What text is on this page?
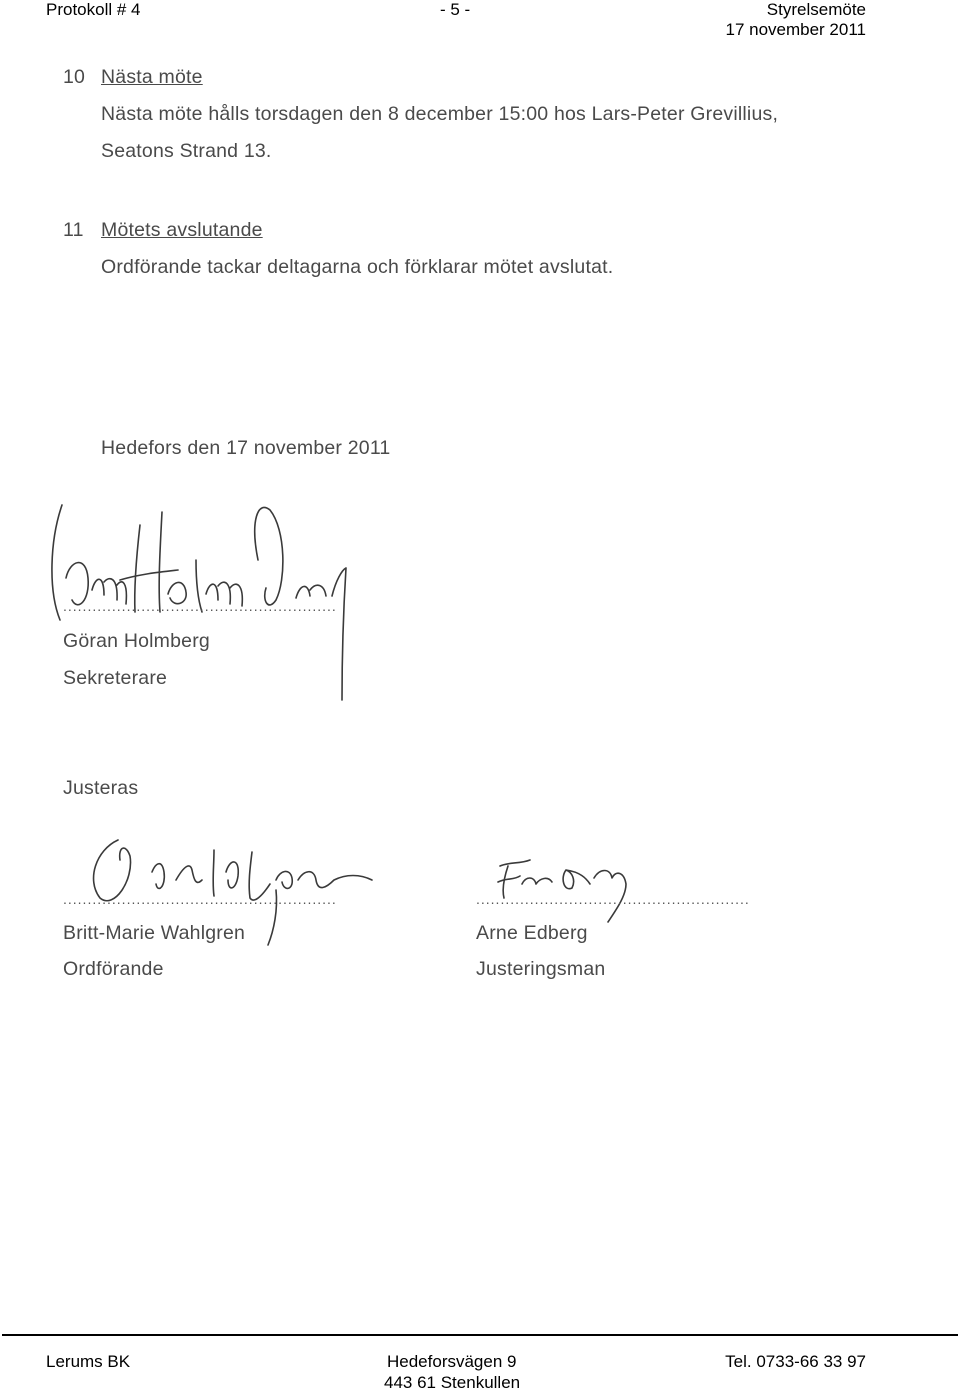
Protokoll # 4	- 5 -	Styrelsemöte
17 november 2011
10 Nästa möte
Nästa möte hålls torsdagen den 8 december 15:00 hos Lars-Peter Grevillius,
Seatons Strand 13.
11 Mötets avslutande
Ordförande tackar deltagarna och förklarar mötet avslutat.
Hedefors den 17 november 2011
........................................................
Göran Holmberg
Sekreterare
Justeras
........................................................
Britt-Marie Wahlgren
Ordförande
........................................................
Arne Edberg
Justeringsman
Lerums BK	Hedeforsvägen 9
443 61 Stenkullen
Tel. 0733-66 33 97
